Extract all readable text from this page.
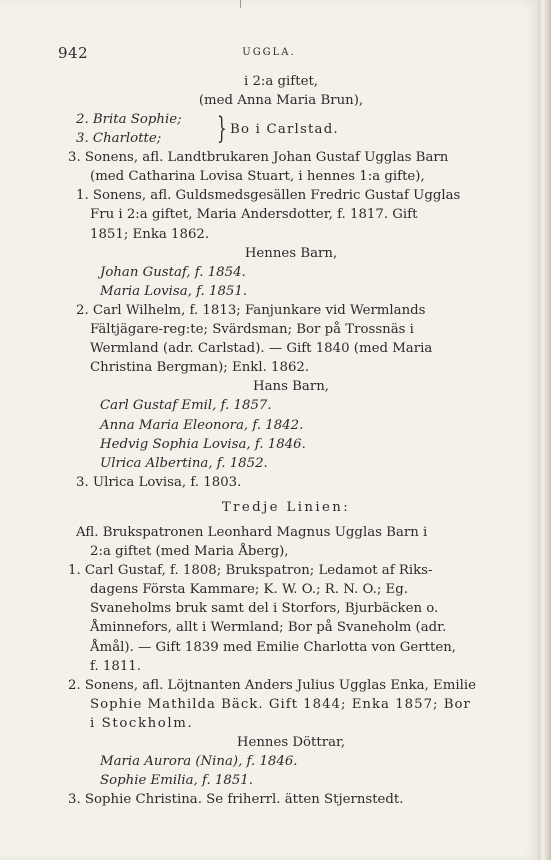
942	UGGLA.
i 2:a giftet,
(med Anna Maria Brun),
2. Brita Sophie;
3. Charlotte; } Bo i Carlstad.
3. Sonens, afl. Landtbrukaren Johan Gustaf Ugglas Barn
(med Catharina Lovisa Stuart, i hennes 1:a gifte),
1. Sonens, afl. Guldsmedsgesällen Fredric Gustaf Ugglas
Fru i 2:a giftet, Maria Andersdotter, f. 1817. Gift
1851; Enka 1862.
Hennes Barn,
Johan Gustaf, f. 1854.
Maria Lovisa, f. 1851.
2. Carl Wilhelm, f. 1813; Fanjunkare vid Wermlands
Fältjägare-reg:te; Svärdsman; Bor på Trossnäs i
Wermland (adr. Carlstad). — Gift 1840 (med Maria
Christina Bergman); Enkl. 1862.
Hans Barn,
Carl Gustaf Emil, f. 1857.
Anna Maria Eleonora, f. 1842.
Hedvig Sophia Lovisa, f. 1846.
Ulrica Albertina, f. 1852.
3. Ulrica Lovisa, f. 1803.
Tredje Linien:
Afl. Brukspatronen Leonhard Magnus Ugglas Barn i
2:a giftet (med Maria Åberg),
1. Carl Gustaf, f. 1808; Brukspatron; Ledamot af Riks-
dagens Första Kammare; K. W. O.; R. N. O.; Eg.
Svaneholms bruk samt del i Storfors, Bjurbäcken o.
Åminnefors, allt i Wermland; Bor på Svaneholm (adr.
Åmål). — Gift 1839 med Emilie Charlotta von Gertten,
f. 1811.
2. Sonens, afl. Löjtnanten Anders Julius Ugglas Enka, Emilie
Sophie Mathilda Bäck. Gift 1844; Enka 1857; Bor
i Stockholm.
Hennes Döttrar,
Maria Aurora (Nina), f. 1846.
Sophie Emilia, f. 1851.
3. Sophie Christina. Se friherrl. ätten Stjernstedt.
